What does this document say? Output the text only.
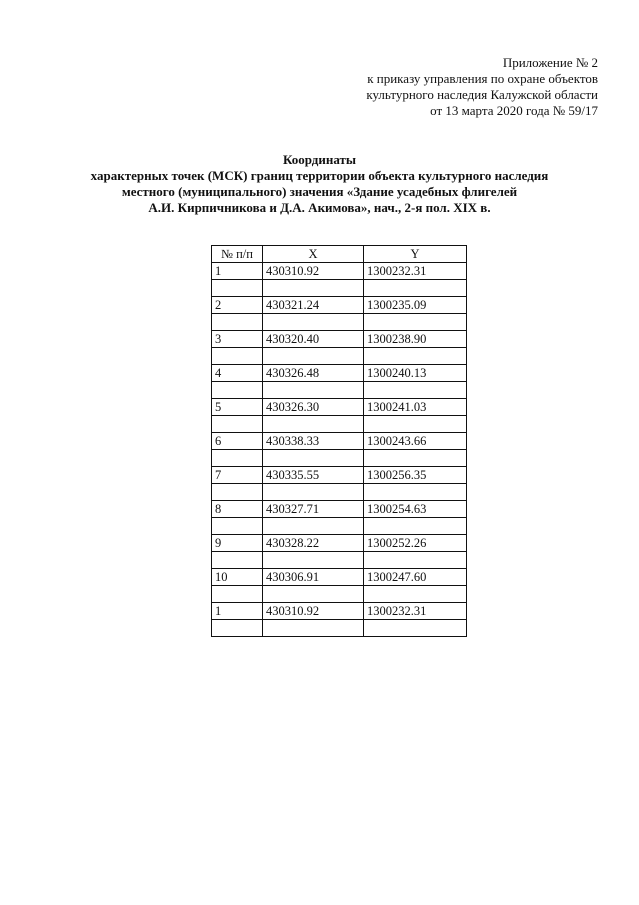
Приложение № 2
к приказу управления по охране объектов
культурного наследия Калужской области
от 13 марта 2020 года № 59/17
Координаты
характерных точек (МСК) границ территории объекта культурного наследия
местного (муниципального) значения «Здание усадебных флигелей
А.И. Кирпичникова и Д.А. Акимова», нач., 2-я пол. XIX в.
№ п/п	X	Y
1	430310.92	1300232.31

2	430321.24	1300235.09

3	430320.40	1300238.90

4	430326.48	1300240.13

5	430326.30	1300241.03

6	430338.33	1300243.66

7	430335.55	1300256.35

8	430327.71	1300254.63

9	430328.22	1300252.26

10	430306.91	1300247.60

1	430310.92	1300232.31
